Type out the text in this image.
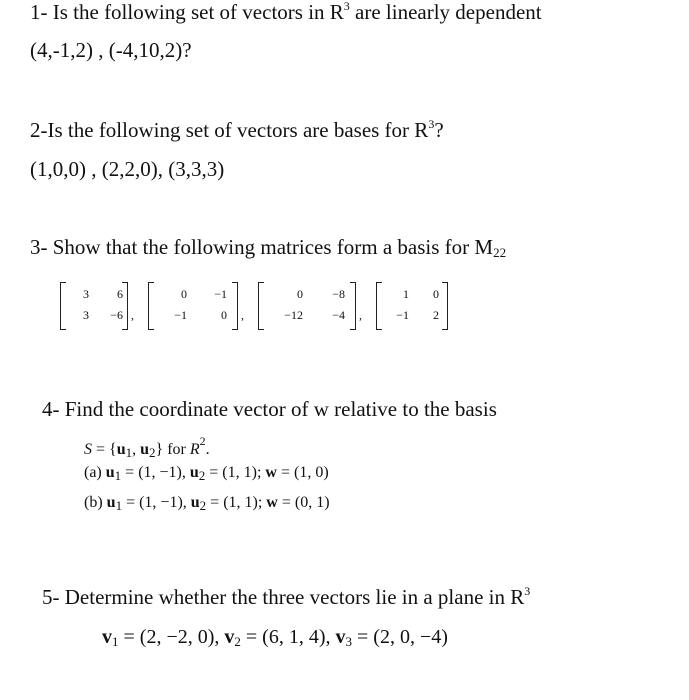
1- Is the following set of vectors in $R^3$ are linearly dependent
(4,-1,2) , (-4,10,2)?
2-Is the following set of vectors are bases for $R^3$?
(1,0,0) , (2,2,0), (3,3,3)
3- Show that the following matrices form a basis for M22
3	6
3	−6 ,
0	−1
−1	0 ,
0	−8
−12	−4 ,
1	0
−1	2
4- Find the coordinate vector of w relative to the basis
S = {u1, u2} for $R^2$.
(a) u1 = (1, −1), u2 = (1, 1); w = (1, 0)
(b) u1 = (1, −1), u2 = (1, 1); w = (0, 1)
5- Determine whether the three vectors lie in a plane in $R^3$
v1 = (2, −2, 0), v2 = (6, 1, 4), v3 = (2, 0, −4)
